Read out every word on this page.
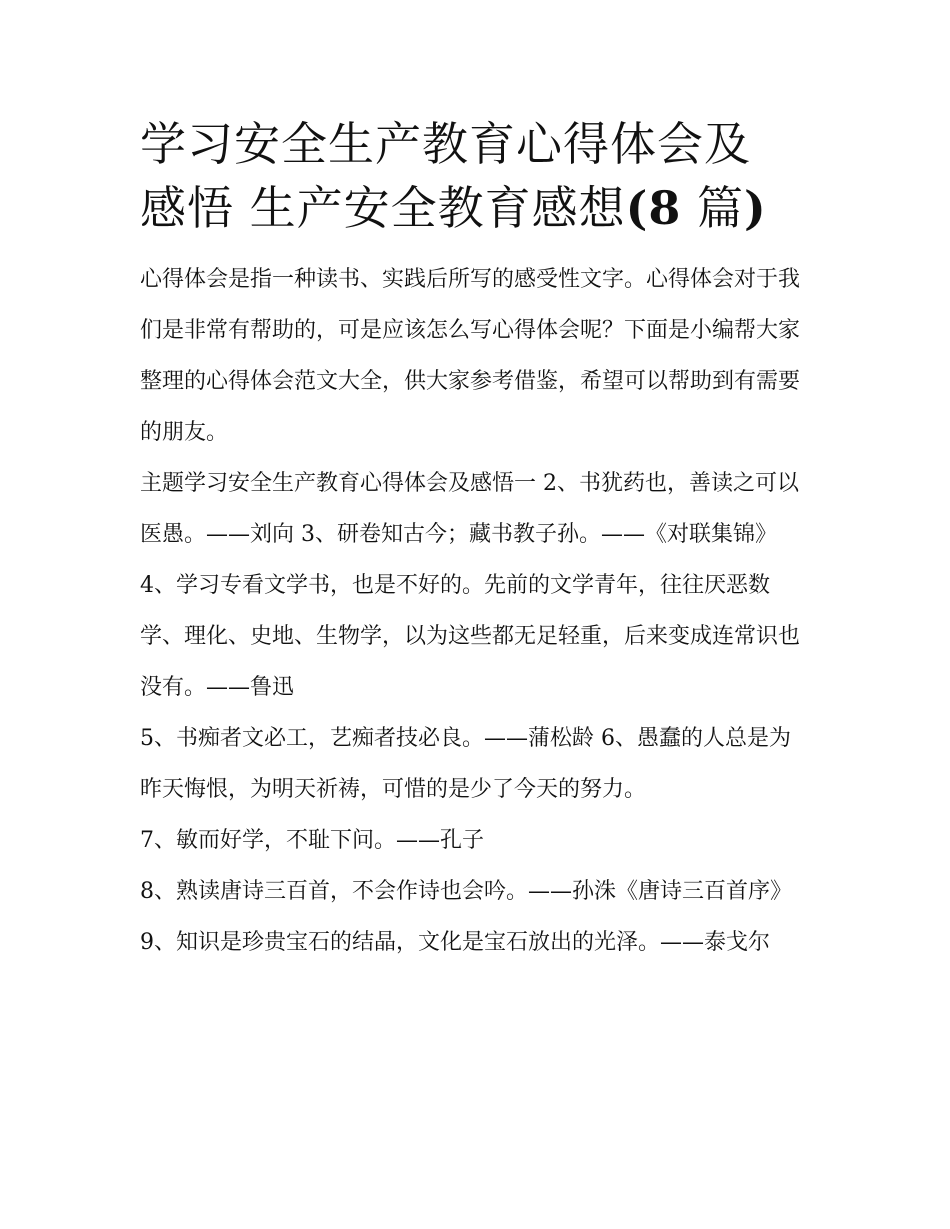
学习安全生产教育心得体会及
感悟 生产安全教育感想(8 篇)

心得体会是指一种读书、实践后所写的感受性文字。心得体会对于我们是非常有帮助的，可是应该怎么写心得体会呢？下面是小编帮大家整理的心得体会范文大全，供大家参考借鉴，希望可以帮助到有需要的朋友。

主题学习安全生产教育心得体会及感悟一 2、书犹药也，善读之可以医愚。——刘向 3、研卷知古今；藏书教子孙。——《对联集锦》

4、学习专看文学书，也是不好的。先前的文学青年，往往厌恶数学、理化、史地、生物学，以为这些都无足轻重，后来变成连常识也没有。——鲁迅

5、书痴者文必工，艺痴者技必良。——蒲松龄 6、愚蠢的人总是为昨天悔恨，为明天祈祷，可惜的是少了今天的努力。

7、敏而好学，不耻下问。——孔子

8、熟读唐诗三百首，不会作诗也会吟。——孙洙《唐诗三百首序》 9、知识是珍贵宝石的结晶，文化是宝石放出的光泽。——泰戈尔
